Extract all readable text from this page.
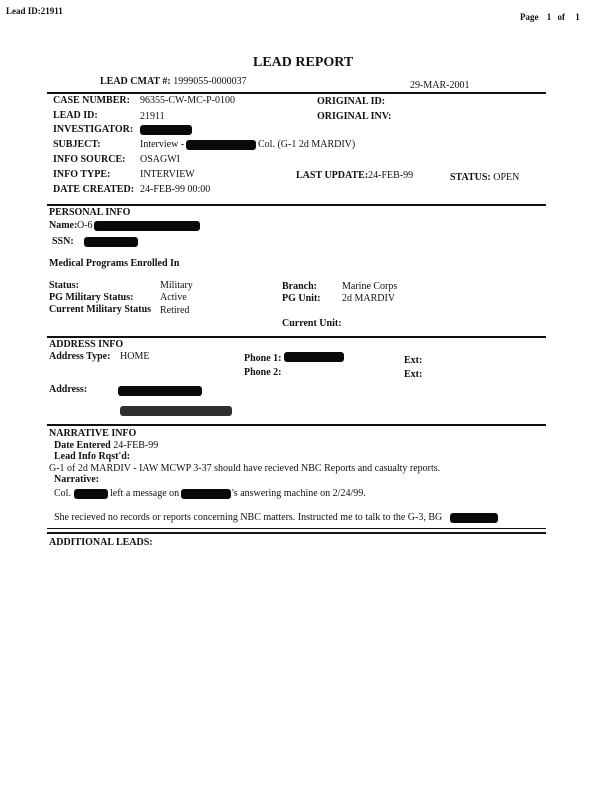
Lead ID:21911
Page 1 of 1
LEAD REPORT
LEAD CMAT #: 1999055-0000037	29-MAR-2001
CASE NUMBER: 96355-CW-MC-P-0100	ORIGINAL ID:
LEAD ID:	21911	ORIGINAL INV:
INVESTIGATOR:
SUBJECT:	Interview -	Col. (G-1 2d MARDIV)
INFO SOURCE: OSAGWI
INFO TYPE:	INTERVIEW	LAST UPDATE:24-FEB-99	STATUS: OPEN
DATE CREATED: 24-FEB-99 00:00
PERSONAL INFO
Name: O-6
SSN:
Medical Programs Enrolled In
Status:	Military	Branch:	Marine Corps
PG Military Status:	Active	PG Unit: 2d MARDIV
Current Military Status Retired
Current Unit:
ADDRESS INFO
Address Type: HOME	Phone 1:	Ext:
Phone 2:	Ext:
Address:
NARRATIVE INFO
Date Entered 24-FEB-99
Lead Info Rqst'd:
G-1 of 2d MARDIV - IAW MCWP 3-37 should have recieved NBC Reports and casualty reports.
Narrative:
Col.	left a message on	's answering machine on 2/24/99.
She recieved no records or reports concerning NBC matters. Instructed me to talk to the G-3, BG
ADDITIONAL LEADS:
